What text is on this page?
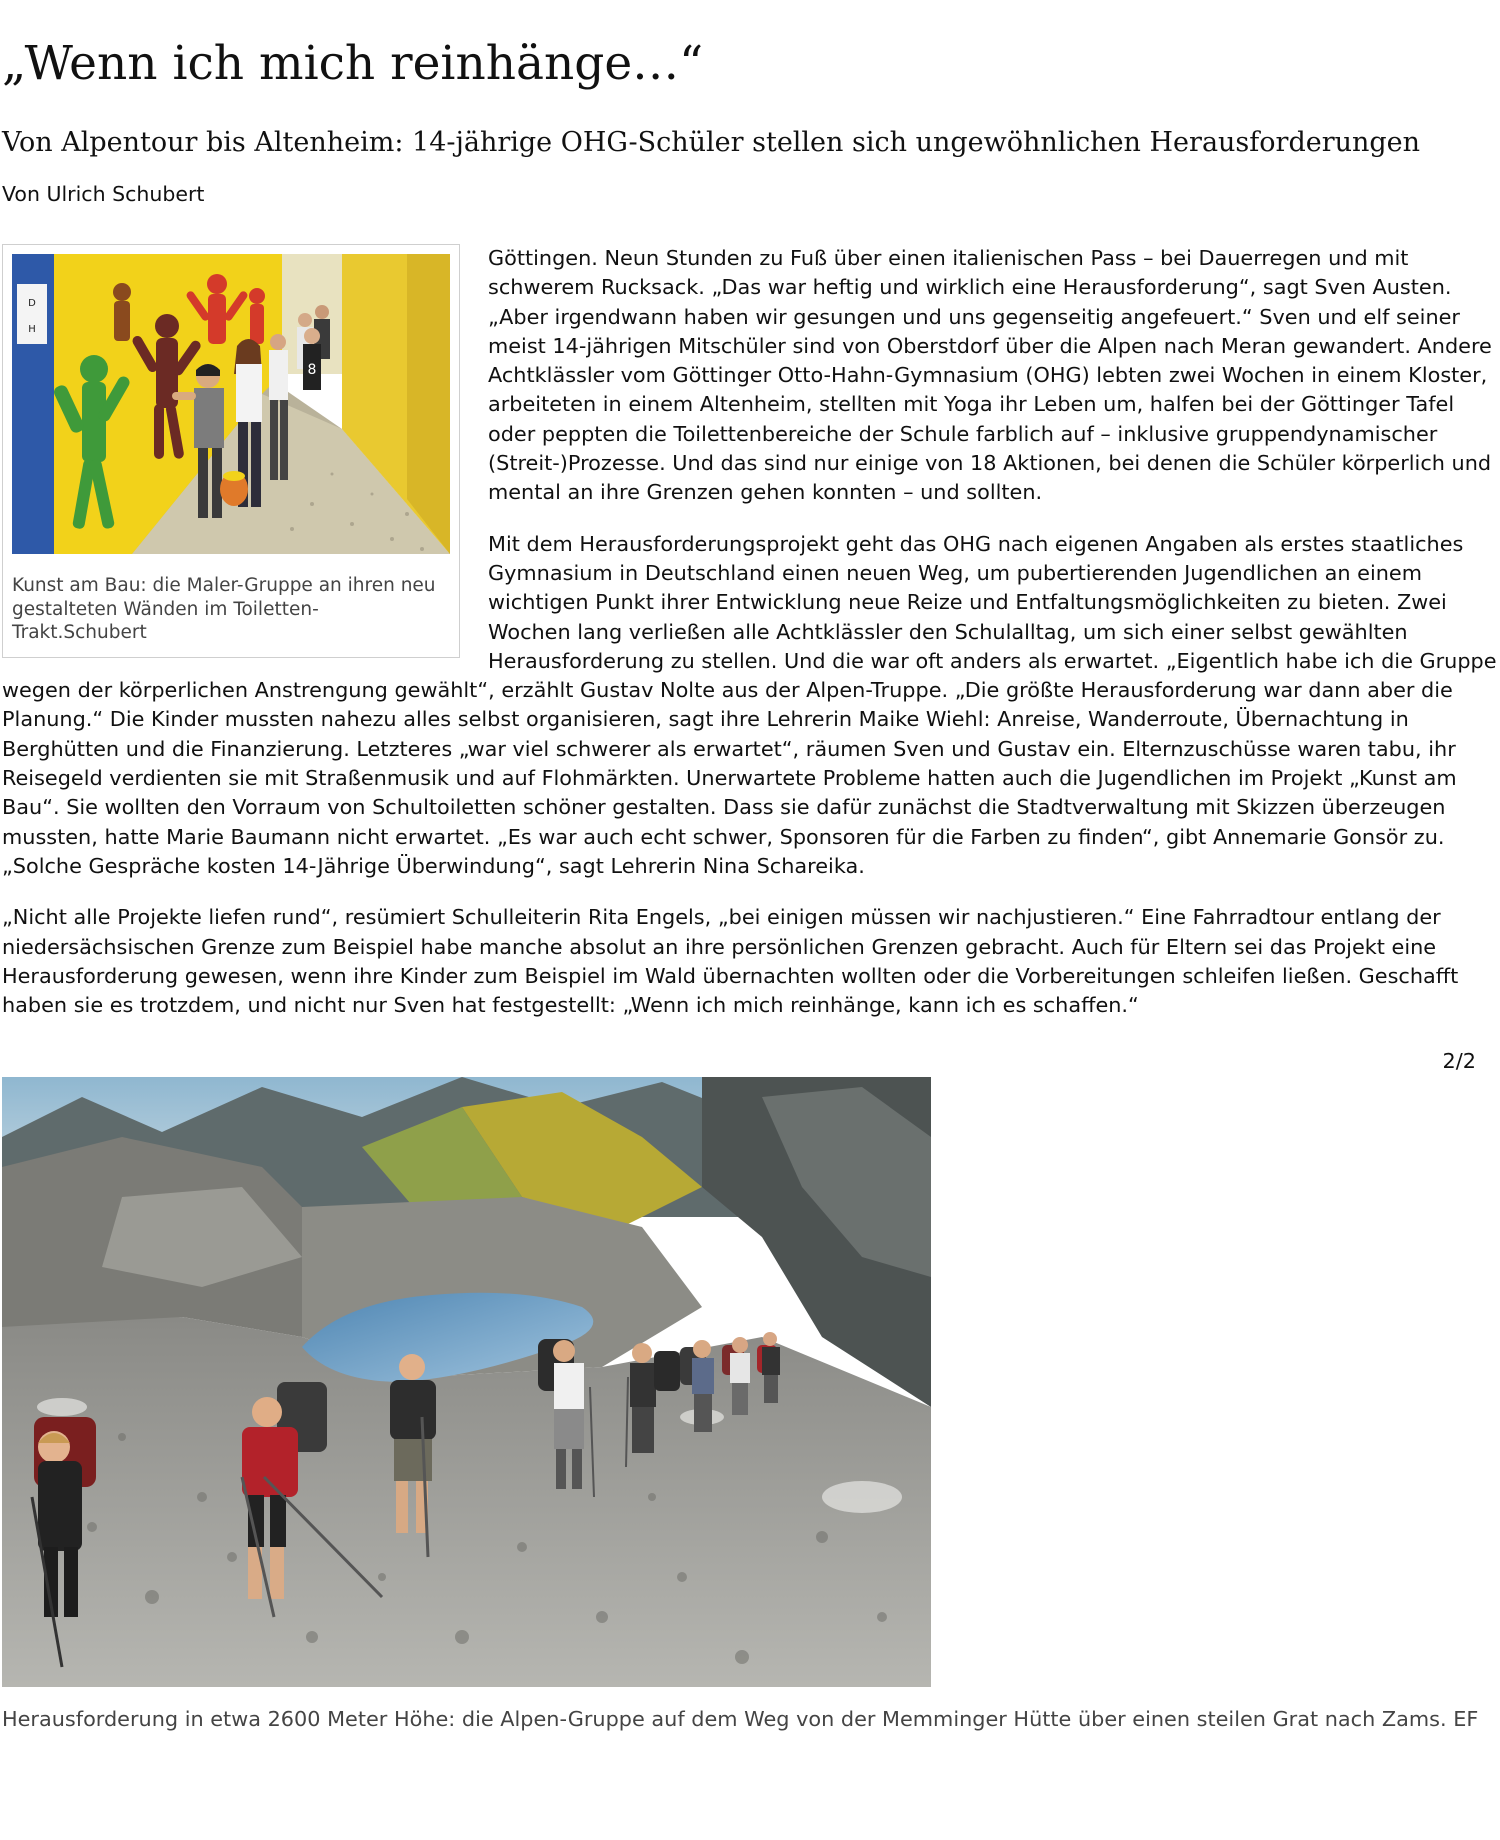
„Wenn ich mich reinhänge…“
Von Alpentour bis Altenheim: 14-jährige OHG-Schüler stellen sich ungewöhnlichen Herausforderungen
Von Ulrich Schubert
D
H
8
Kunst am Bau: die Maler-Gruppe an ihren neu gestalteten Wänden im Toiletten-Trakt.Schubert

Göttingen. Neun Stunden zu Fuß über einen italienischen Pass – bei Dauerregen und mit schwerem Rucksack. „Das war heftig und wirklich eine Herausforderung“, sagt Sven Austen. „Aber irgendwann haben wir gesungen und uns gegenseitig angefeuert.“ Sven und elf seiner meist 14-jährigen Mitschüler sind von Oberstdorf über die Alpen nach Meran gewandert. Andere Achtklässler vom Göttinger Otto-Hahn-Gymnasium (OHG) lebten zwei Wochen in einem Kloster, arbeiteten in einem Altenheim, stellten mit Yoga ihr Leben um, halfen bei der Göttinger Tafel oder peppten die Toilettenbereiche der Schule farblich auf – inklusive gruppendynamischer (Streit-)Prozesse. Und das sind nur einige von 18 Aktionen, bei denen die Schüler körperlich und mental an ihre Grenzen gehen konnten – und sollten.

Mit dem Herausforderungsprojekt geht das OHG nach eigenen Angaben als erstes staatliches Gymnasium in Deutschland einen neuen Weg, um pubertierenden Jugendlichen an einem wichtigen Punkt ihrer Entwicklung neue Reize und Entfaltungsmöglichkeiten zu bieten. Zwei Wochen lang verließen alle Achtklässler den Schulalltag, um sich einer selbst gewählten Herausforderung zu stellen. Und die war oft anders als erwartet. „Eigentlich habe ich die Gruppe wegen der körperlichen Anstrengung gewählt“, erzählt Gustav Nolte aus der Alpen-Truppe. „Die größte Herausforderung war dann aber die Planung.“ Die Kinder mussten nahezu alles selbst organisieren, sagt ihre Lehrerin Maike Wiehl: Anreise, Wanderroute, Übernachtung in Berghütten und die Finanzierung. Letzteres „war viel schwerer als erwartet“, räumen Sven und Gustav ein. Elternzuschüsse waren tabu, ihr Reisegeld verdienten sie mit Straßenmusik und auf Flohmärkten. Unerwartete Probleme hatten auch die Jugendlichen im Projekt „Kunst am Bau“. Sie wollten den Vorraum von Schultoiletten schöner gestalten. Dass sie dafür zunächst die Stadtverwaltung mit Skizzen überzeugen mussten, hatte Marie Baumann nicht erwartet. „Es war auch echt schwer, Sponsoren für die Farben zu finden“, gibt Annemarie Gonsör zu. „Solche Gespräche kosten 14-Jährige Überwindung“, sagt Lehrerin Nina Schareika.

„Nicht alle Projekte liefen rund“, resümiert Schulleiterin Rita Engels, „bei einigen müssen wir nachjustieren.“ Eine Fahrradtour entlang der niedersächsischen Grenze zum Beispiel habe manche absolut an ihre persönlichen Grenzen gebracht. Auch für Eltern sei das Projekt eine Herausforderung gewesen, wenn ihre Kinder zum Beispiel im Wald übernachten wollten oder die Vorbereitungen schleifen ließen. Geschafft haben sie es trotzdem, und nicht nur Sven hat festgestellt: „Wenn ich mich reinhänge, kann ich es schaffen.“

2/2
Herausforderung in etwa 2600 Meter Höhe: die Alpen-Gruppe auf dem Weg von der Memminger Hütte über einen steilen Grat nach Zams. EF
